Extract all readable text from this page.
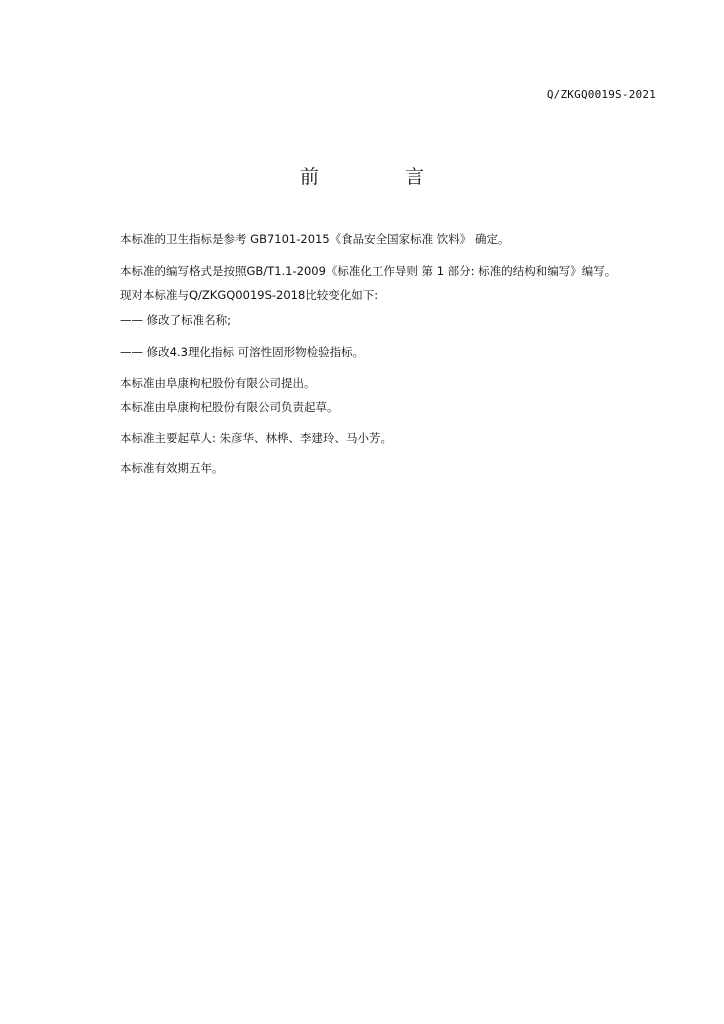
Q/ZKGQ0019S-2021
前 言
本标准的卫生指标是参考 GB7101-2015《食品安全国家标准 饮料》 确定。
本标准的编写格式是按照GB/T1.1-2009《标准化工作导则 第 1 部分: 标准的结构和编写》编写。
现对本标准与Q/ZKGQ0019S-2018比较变化如下:
—— 修改了标准名称;
—— 修改4.3理化指标 可溶性固形物检验指标。
本标准由阜康枸杞股份有限公司提出。
本标准由阜康枸杞股份有限公司负责起草。
本标准主要起草人: 朱彦华、林桦、李建玲、马小芳。
本标准有效期五年。
